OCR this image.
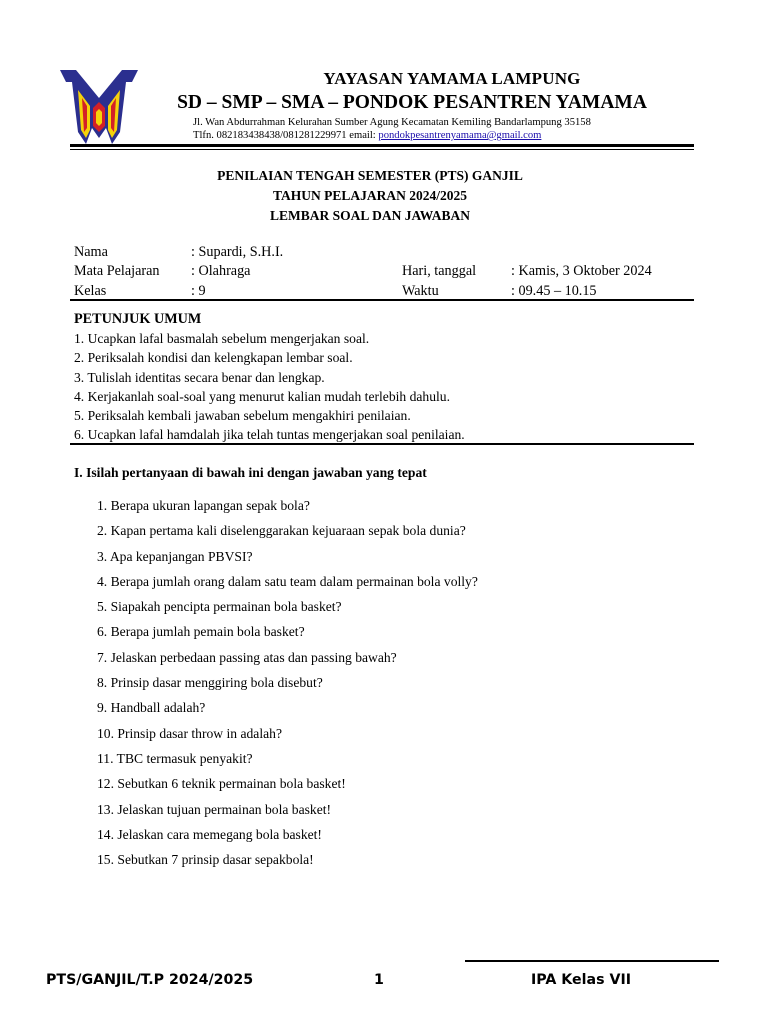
YAYASAN YAMAMA LAMPUNG
SD – SMP – SMA – PONDOK PESANTREN YAMAMA
Jl. Wan Abdurrahman Kelurahan Sumber Agung Kecamatan Kemiling Bandarlampung 35158
Tlfn. 082183438438/081281229971 email: pondokpesantrenyamama@gmail.com
PENILAIAN TENGAH SEMESTER (PTS) GANJIL
TAHUN PELAJARAN 2024/2025
LEMBAR SOAL DAN JAWABAN
Nama	: Supardi, S.H.I.
Mata Pelajaran : Olahraga	Hari, tanggal : Kamis, 3 Oktober 2024
Kelas	: 9	Waktu	: 09.45 – 10.15
PETUNJUK UMUM
1. Ucapkan lafal basmalah sebelum mengerjakan soal.
2. Periksalah kondisi dan kelengkapan lembar soal.
3. Tulislah identitas secara benar dan lengkap.
4. Kerjakanlah soal-soal yang menurut kalian mudah terlebih dahulu.
5. Periksalah kembali jawaban sebelum mengakhiri penilaian.
6. Ucapkan lafal hamdalah jika telah tuntas mengerjakan soal penilaian.
I. Isilah pertanyaan di bawah ini dengan jawaban yang tepat
1. Berapa ukuran lapangan sepak bola?
2. Kapan pertama kali diselenggarakan kejuaraan sepak bola dunia?
3. Apa kepanjangan PBVSI?
4. Berapa jumlah orang dalam satu team dalam permainan bola volly?
5. Siapakah pencipta permainan bola basket?
6. Berapa jumlah pemain bola basket?
7. Jelaskan perbedaan passing atas dan passing bawah?
8. Prinsip dasar menggiring bola disebut?
9. Handball adalah?
10. Prinsip dasar throw in adalah?
11. TBC termasuk penyakit?
12. Sebutkan 6 teknik permainan bola basket!
13. Jelaskan tujuan permainan bola basket!
14. Jelaskan cara memegang bola basket!
15. Sebutkan 7 prinsip dasar sepakbola!
PTS/GANJIL/T.P 2024/2025	1	IPA Kelas VII
